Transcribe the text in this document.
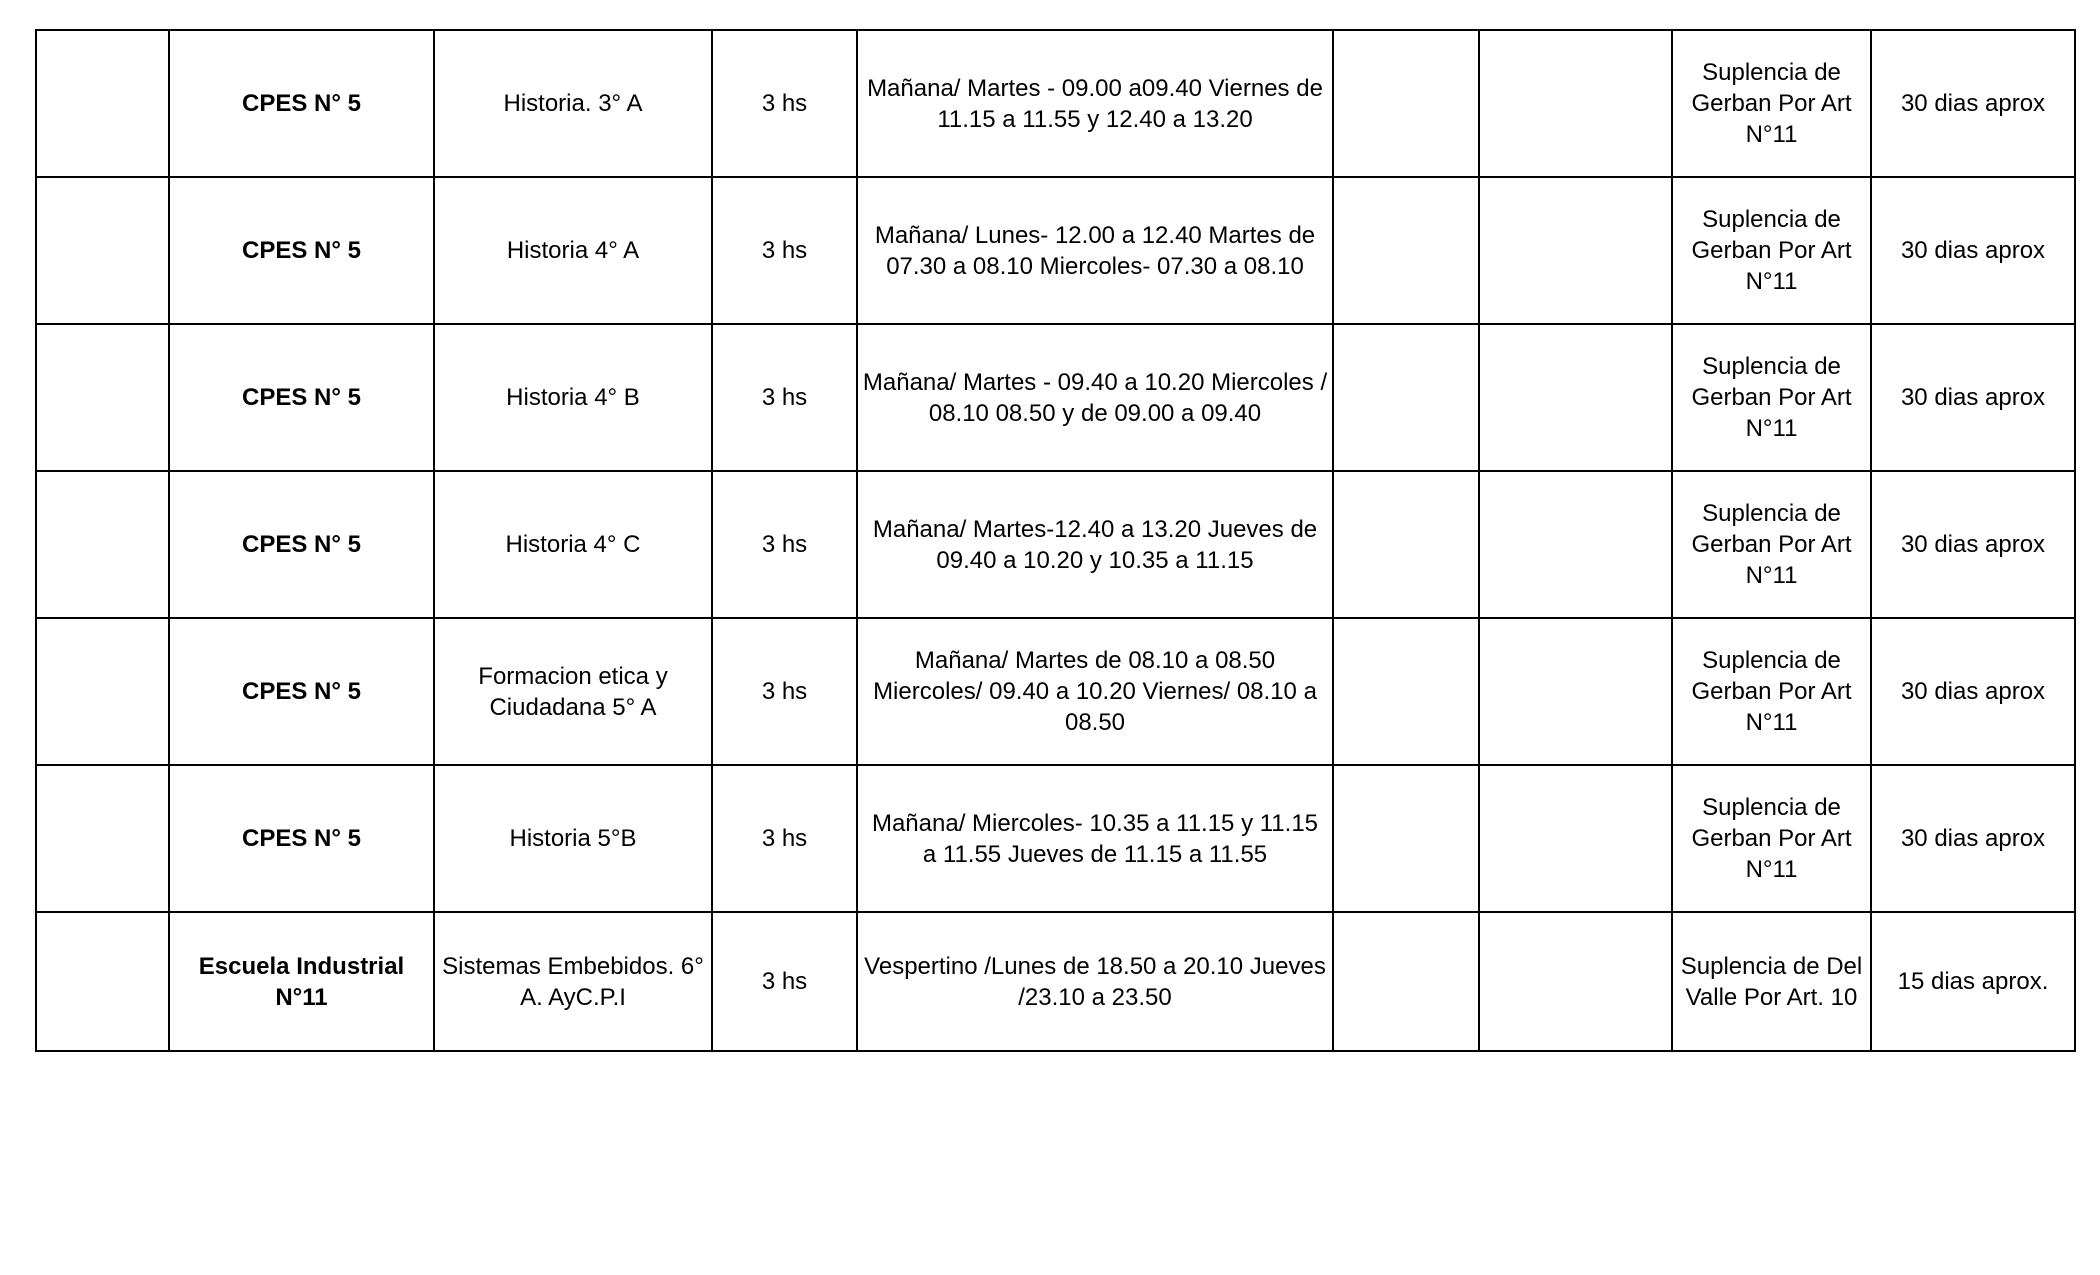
	CPES N° 5	Historia. 3° A	3 hs	Mañana/ Martes - 09.00 a09.40 Viernes de 11.15 a 11.55 y 12.40 a 13.20			Suplencia de Gerban Por Art N°11	30 dias aprox
	CPES N° 5	Historia 4° A	3 hs	Mañana/ Lunes- 12.00 a 12.40 Martes de 07.30 a 08.10 Miercoles- 07.30 a 08.10			Suplencia de Gerban Por Art N°11	30 dias aprox
	CPES N° 5	Historia 4° B	3 hs	Mañana/ Martes - 09.40 a 10.20 Miercoles / 08.10 08.50 y de 09.00 a 09.40			Suplencia de Gerban Por Art N°11	30 dias aprox
	CPES N° 5	Historia 4° C	3 hs	Mañana/ Martes-12.40 a 13.20 Jueves de 09.40 a 10.20 y 10.35 a 11.15			Suplencia de Gerban Por Art N°11	30 dias aprox
	CPES N° 5	Formacion etica y Ciudadana 5° A	3 hs	Mañana/ Martes de 08.10 a 08.50 Miercoles/ 09.40 a 10.20 Viernes/ 08.10 a 08.50			Suplencia de Gerban Por Art N°11	30 dias aprox
	CPES N° 5	Historia 5°B	3 hs	Mañana/ Miercoles- 10.35 a 11.15 y 11.15 a 11.55 Jueves de 11.15 a 11.55			Suplencia de Gerban Por Art N°11	30 dias aprox
	Escuela Industrial N°11	Sistemas Embebidos. 6° A. AyC.P.I	3 hs	Vespertino /Lunes de 18.50 a 20.10 Jueves /23.10 a 23.50			Suplencia de Del Valle Por Art. 10	15 dias aprox.
